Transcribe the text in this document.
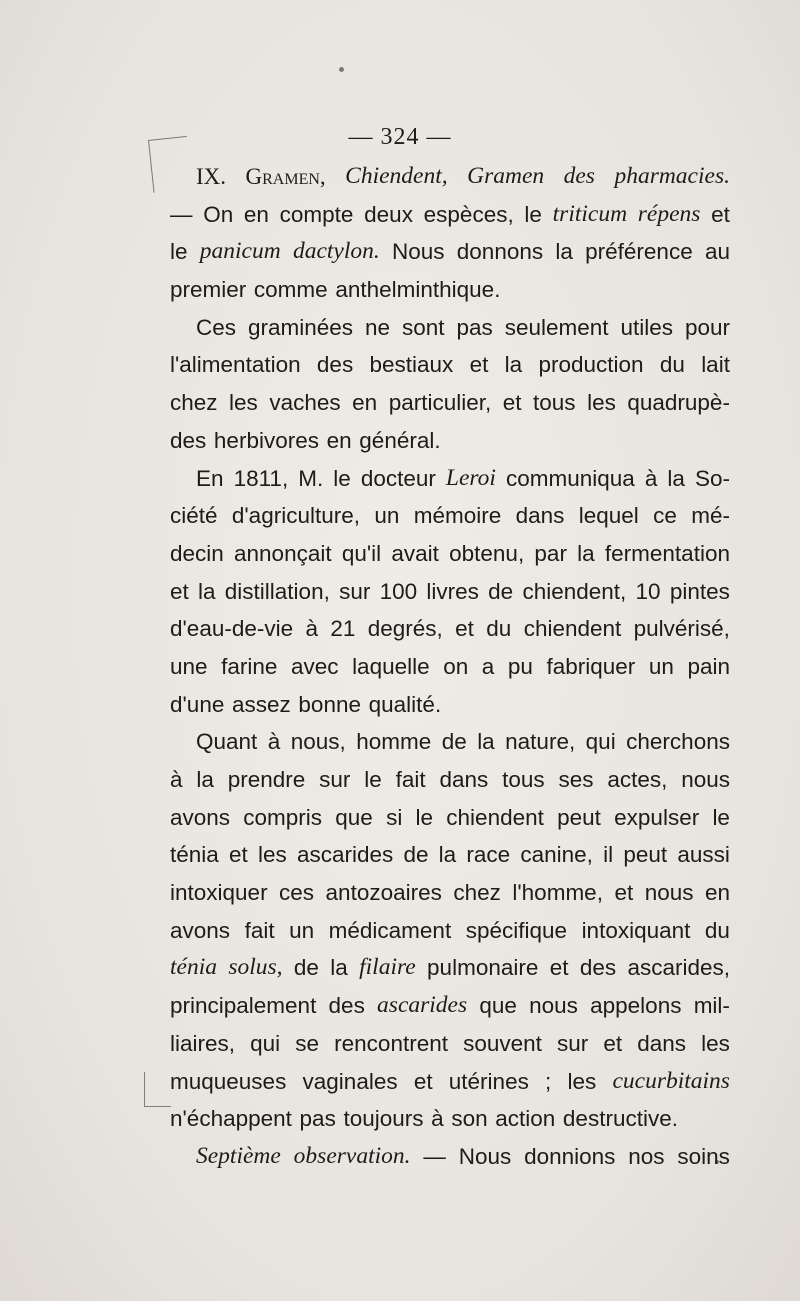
— 324 —
IX. Gramen, Chiendent, Gramen des pharmacies.
— On en compte deux espèces, le triticum répens et
le panicum dactylon. Nous donnons la préférence au
premier comme anthelminthique.
Ces graminées ne sont pas seulement utiles pour
l'alimentation des bestiaux et la production du lait
chez les vaches en particulier, et tous les quadrupè-
des herbivores en général.
En 1811, M. le docteur Leroi communiqua à la So-
ciété d'agriculture, un mémoire dans lequel ce mé-
decin annonçait qu'il avait obtenu, par la fermentation
et la distillation, sur 100 livres de chiendent, 10 pintes
d'eau-de-vie à 21 degrés, et du chiendent pulvérisé,
une farine avec laquelle on a pu fabriquer un pain
d'une assez bonne qualité.
Quant à nous, homme de la nature, qui cherchons
à la prendre sur le fait dans tous ses actes, nous
avons compris que si le chiendent peut expulser le
ténia et les ascarides de la race canine, il peut aussi
intoxiquer ces antozoaires chez l'homme, et nous en
avons fait un médicament spécifique intoxiquant du
ténia solus, de la filaire pulmonaire et des ascarides,
principalement des ascarides que nous appelons mil-
liaires, qui se rencontrent souvent sur et dans les
muqueuses vaginales et utérines ; les cucurbitains
n'échappent pas toujours à son action destructive.
Septième observation. — Nous donnions nos soins
